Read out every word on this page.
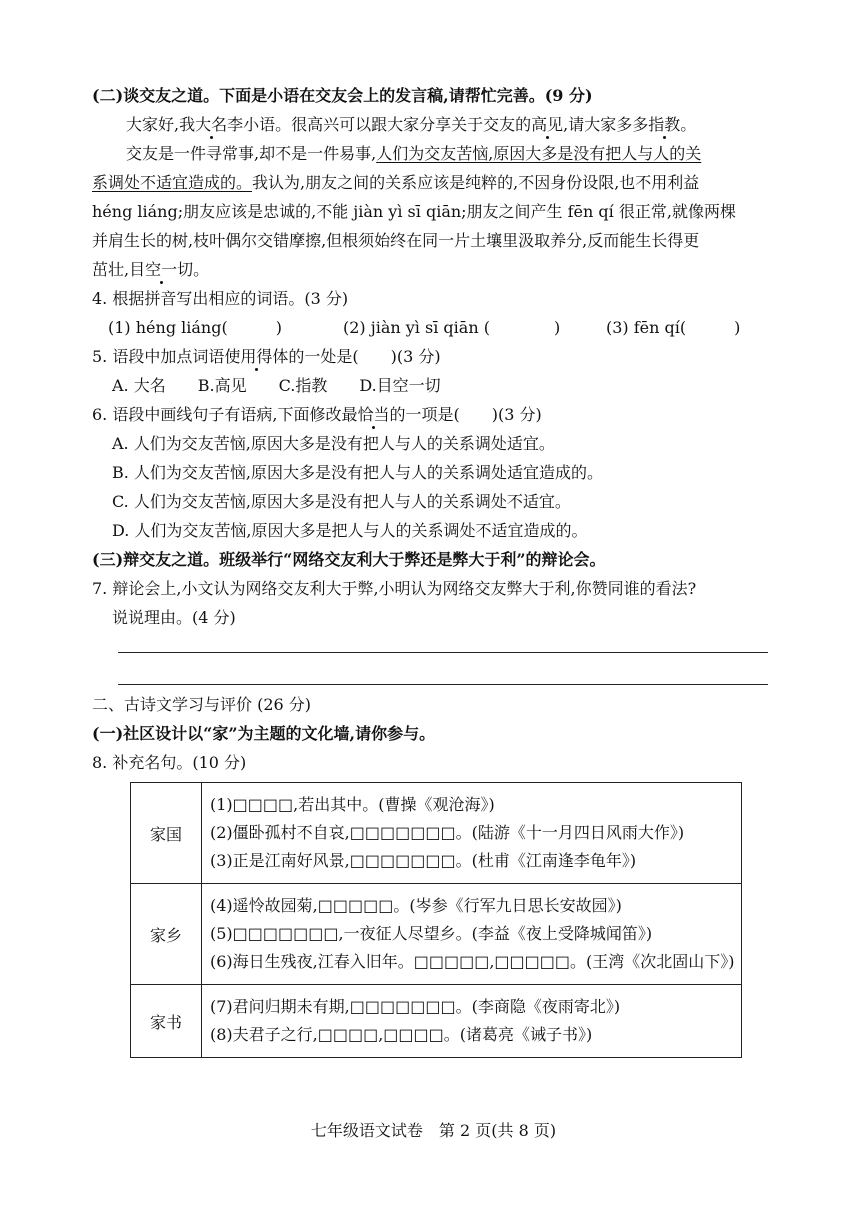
(二)谈交友之道。下面是小语在交友会上的发言稿,请帮忙完善。(9 分)
大家好,我大名李小语。很高兴可以跟大家分享关于交友的高见,请大家多多指教。
交友是一件寻常事,却不是一件易事,人们为交友苦恼,原因大多是没有把人与人的关
系调处不适宜造成的。我认为,朋友之间的关系应该是纯粹的,不因身份设限,也不用利益
héng liáng;朋友应该是忠诚的,不能 jiàn yì sī qiān;朋友之间产生 fēn qí 很正常,就像两棵
并肩生长的树,枝叶偶尔交错摩擦,但根须始终在同一片土壤里汲取养分,反而能生长得更
茁壮,目空一切。
4. 根据拼音写出相应的词语。(3 分)
(1) héng liáng(　　　)	(2) jiàn yì sī qiān (　　　　)	(3) fēn qí(　　　)
5. 语段中加点词语使用得体的一处是(　　)(3 分)
A. 大名　　B.高见　　C.指教　　D.目空一切
6. 语段中画线句子有语病,下面修改最恰当的一项是(　　)(3 分)
A. 人们为交友苦恼,原因大多是没有把人与人的关系调处适宜。
B. 人们为交友苦恼,原因大多是没有把人与人的关系调处适宜造成的。
C. 人们为交友苦恼,原因大多是没有把人与人的关系调处不适宜。
D. 人们为交友苦恼,原因大多是把人与人的关系调处不适宜造成的。
(三)辩交友之道。班级举行“网络交友利大于弊还是弊大于利”的辩论会。
7. 辩论会上,小文认为网络交友利大于弊,小明认为网络交友弊大于利,你赞同谁的看法?
说说理由。(4 分)
二、古诗文学习与评价 (26 分)
(一)社区设计以“家”为主题的文化墙,请你参与。
8. 补充名句。(10 分)
家国	(1)□□□□,若出其中。(曹操《观沧海》)
(2)僵卧孤村不自哀,□□□□□□□。(陆游《十一月四日风雨大作》)
(3)正是江南好风景,□□□□□□□。(杜甫《江南逢李龟年》)

家乡	(4)遥怜故园菊,□□□□□。(岑参《行军九日思长安故园》)
(5)□□□□□□□,一夜征人尽望乡。(李益《夜上受降城闻笛》)
(6)海日生残夜,江春入旧年。□□□□□,□□□□□。(王湾《次北固山下》)

家书	(7)君问归期未有期,□□□□□□□。(李商隐《夜雨寄北》)
(8)夫君子之行,□□□□,□□□□。(诸葛亮《诫子书》)
七年级语文试卷　第 2 页(共 8 页)
